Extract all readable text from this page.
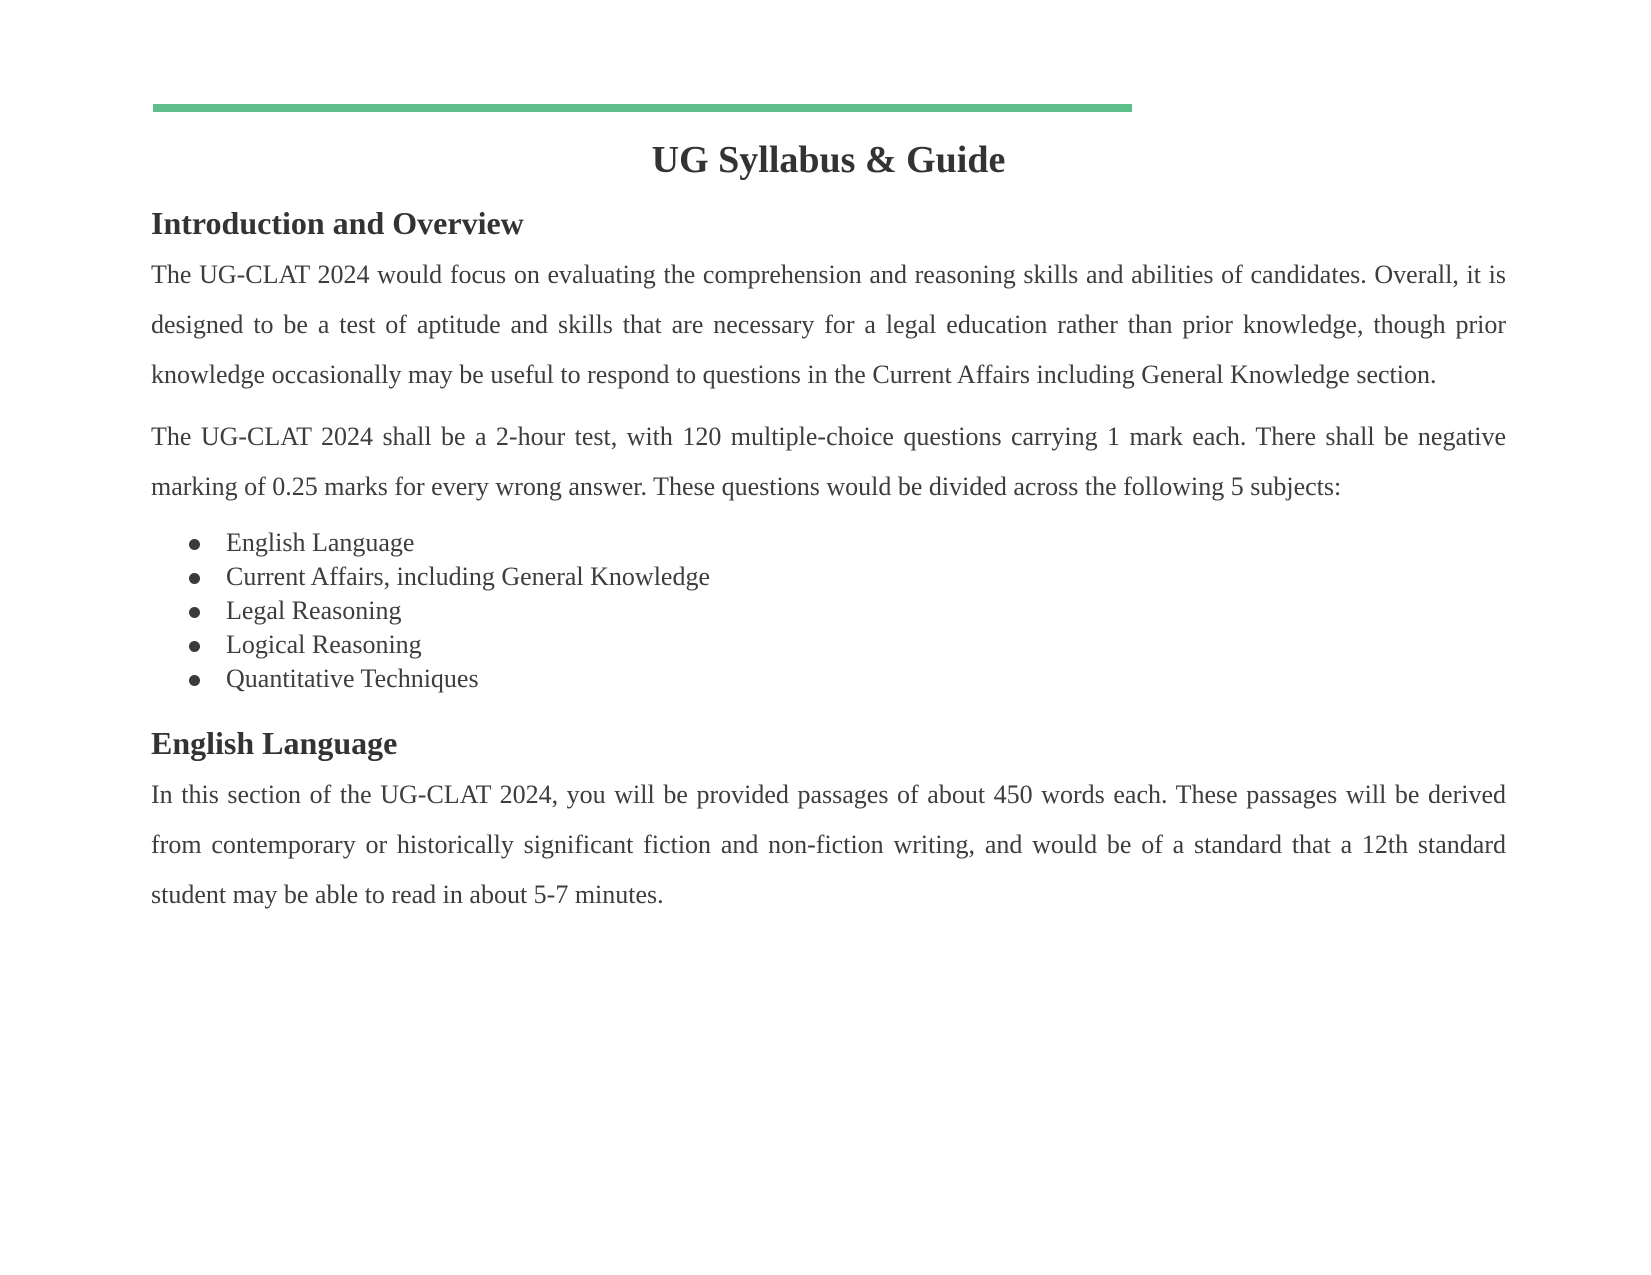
UG Syllabus & Guide
Introduction and Overview

The UG-CLAT 2024 would focus on evaluating the comprehension and reasoning skills and abilities of candidates. Overall, it is designed to be a test of aptitude and skills that are necessary for a legal education rather than prior knowledge, though prior knowledge occasionally may be useful to respond to questions in the Current Affairs including General Knowledge section.

The UG-CLAT 2024 shall be a 2-hour test, with 120 multiple-choice questions carrying 1 mark each. There shall be negative marking of 0.25 marks for every wrong answer. These questions would be divided across the following 5 subjects:

English Language
Current Affairs, including General Knowledge
Legal Reasoning
Logical Reasoning
Quantitative Techniques
English Language

In this section of the UG-CLAT 2024, you will be provided passages of about 450 words each. These passages will be derived from contemporary or historically significant fiction and non-fiction writing, and would be of a standard that a 12th standard student may be able to read in about 5-7 minutes.
